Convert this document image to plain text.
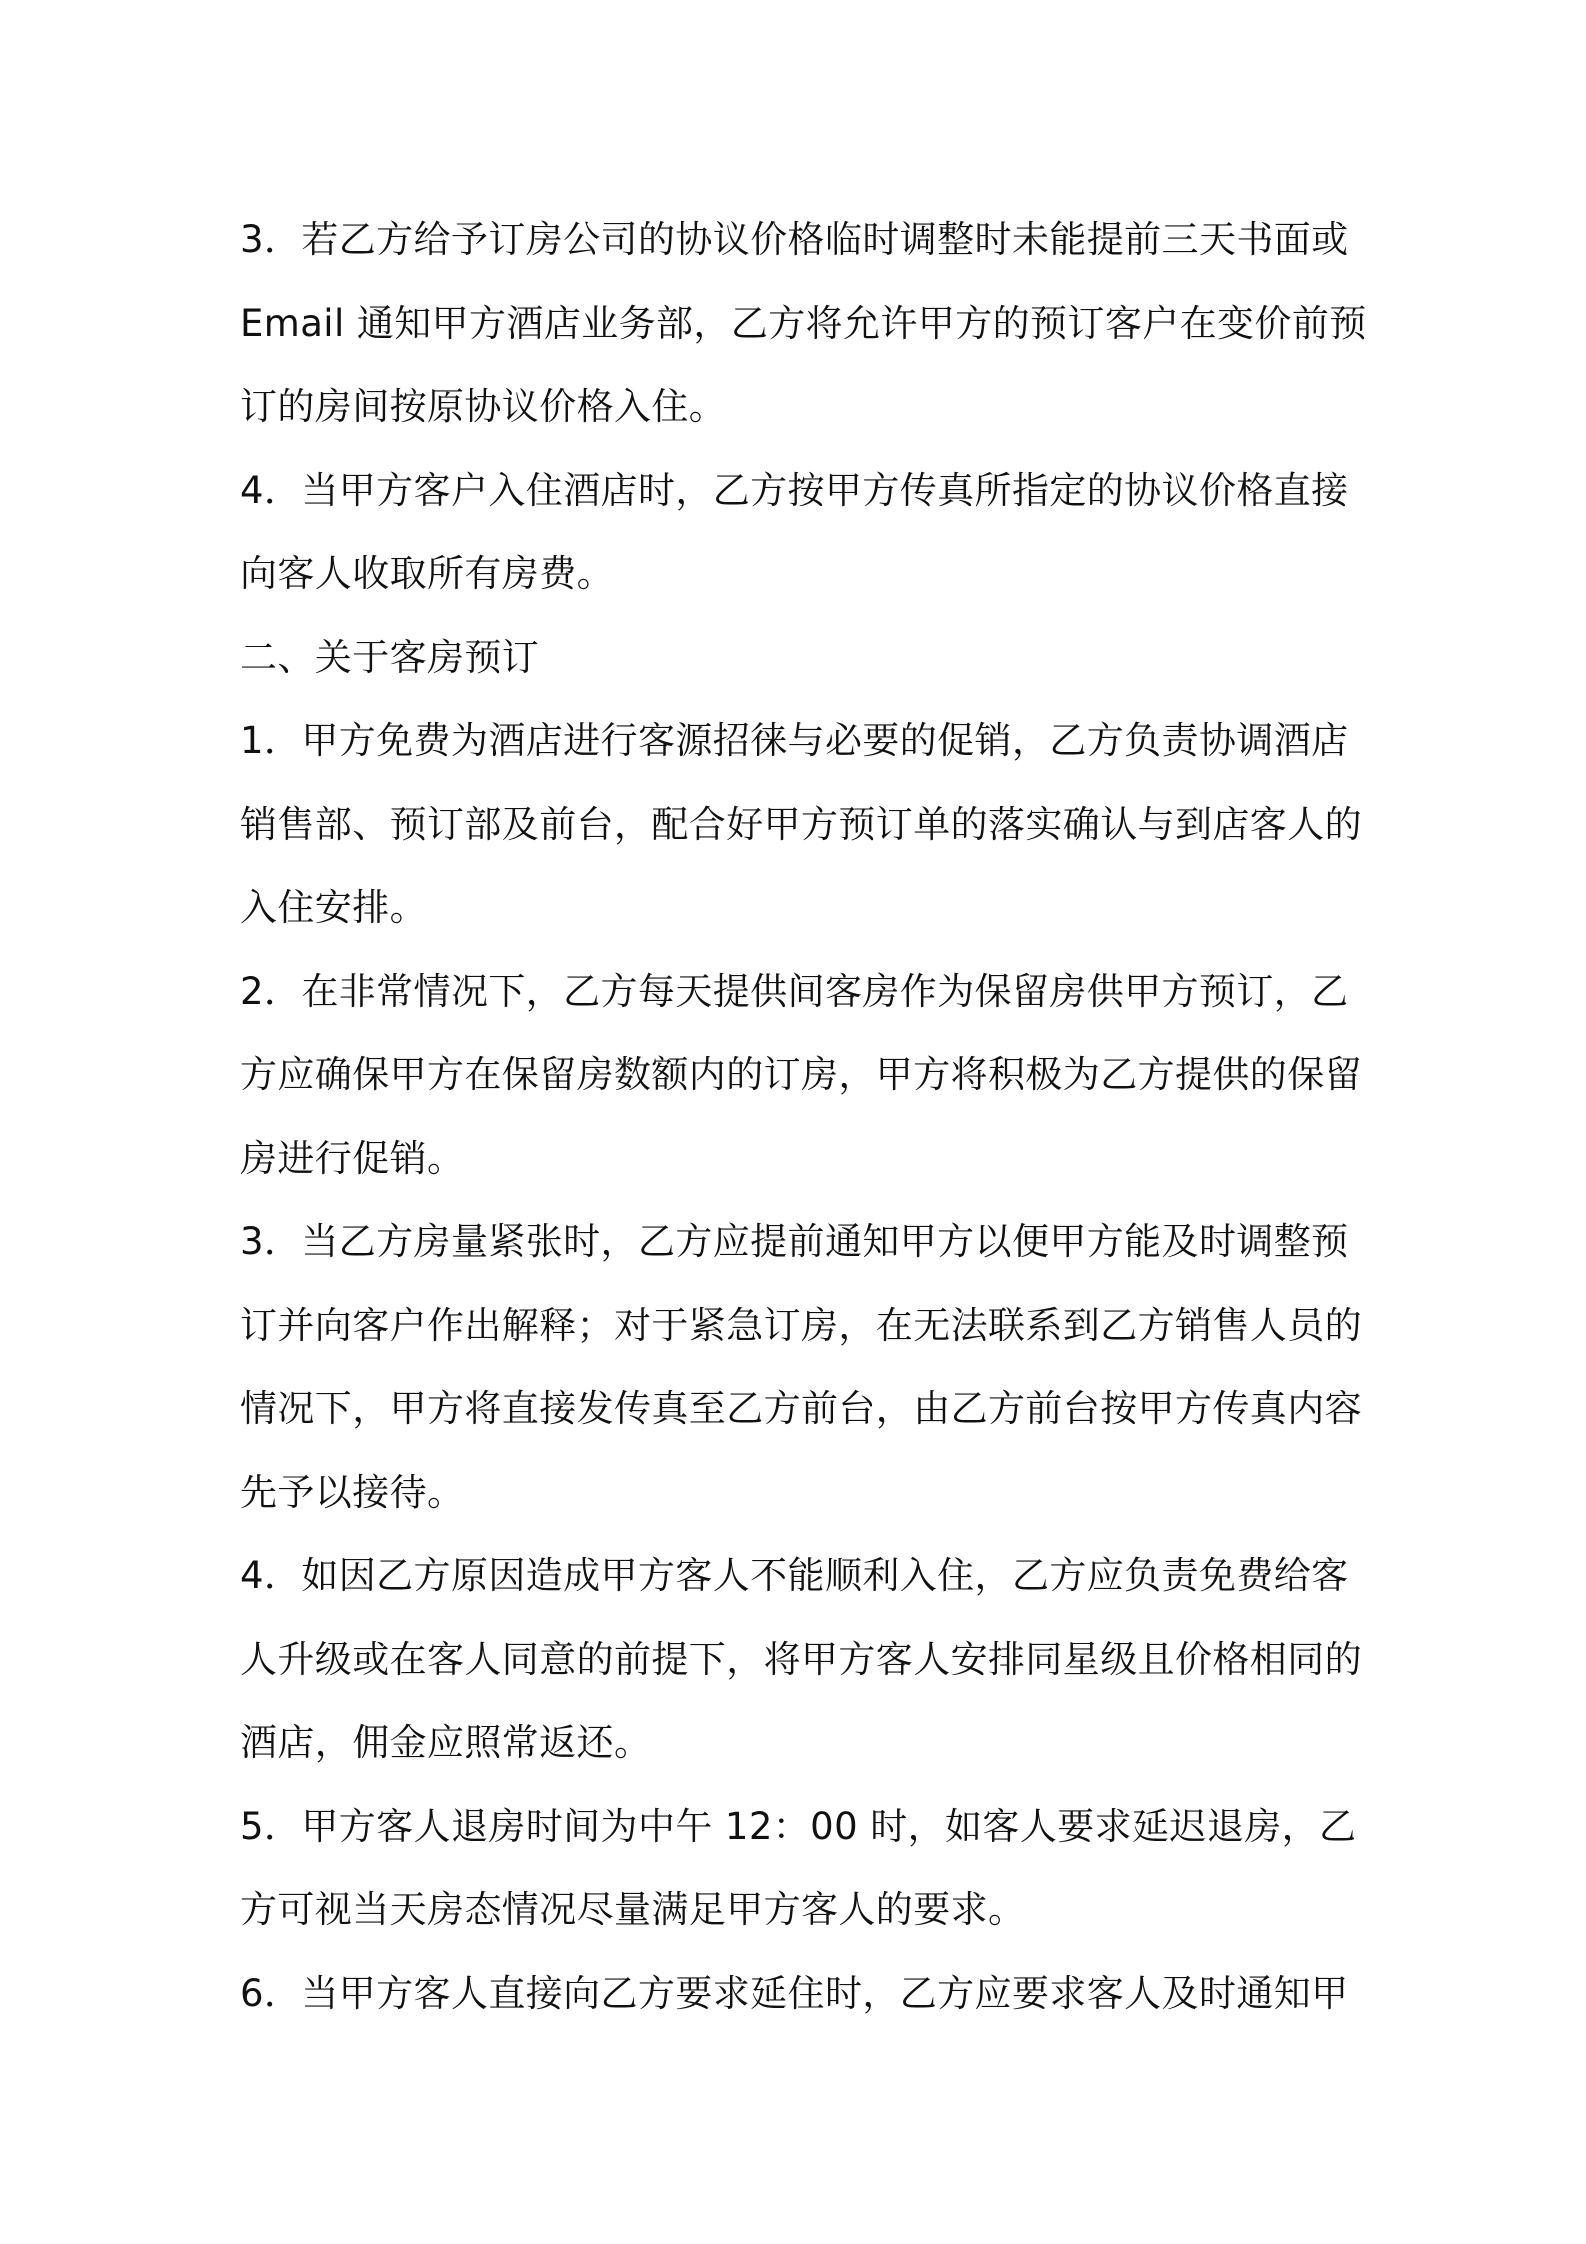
3．若乙方给予订房公司的协议价格临时调整时未能提前三天书面或
Email 通知甲方酒店业务部，乙方将允许甲方的预订客户在变价前预
订的房间按原协议价格入住。
4．当甲方客户入住酒店时，乙方按甲方传真所指定的协议价格直接
向客人收取所有房费。
二、关于客房预订
1．甲方免费为酒店进行客源招徕与必要的促销，乙方负责协调酒店
销售部、预订部及前台，配合好甲方预订单的落实确认与到店客人的
入住安排。
2．在非常情况下，乙方每天提供间客房作为保留房供甲方预订，乙
方应确保甲方在保留房数额内的订房，甲方将积极为乙方提供的保留
房进行促销。
3．当乙方房量紧张时，乙方应提前通知甲方以便甲方能及时调整预
订并向客户作出解释；对于紧急订房，在无法联系到乙方销售人员的
情况下，甲方将直接发传真至乙方前台，由乙方前台按甲方传真内容
先予以接待。
4．如因乙方原因造成甲方客人不能顺利入住，乙方应负责免费给客
人升级或在客人同意的前提下，将甲方客人安排同星级且价格相同的
酒店，佣金应照常返还。
5．甲方客人退房时间为中午 12：00 时，如客人要求延迟退房，乙
方可视当天房态情况尽量满足甲方客人的要求。
6．当甲方客人直接向乙方要求延住时，乙方应要求客人及时通知甲
